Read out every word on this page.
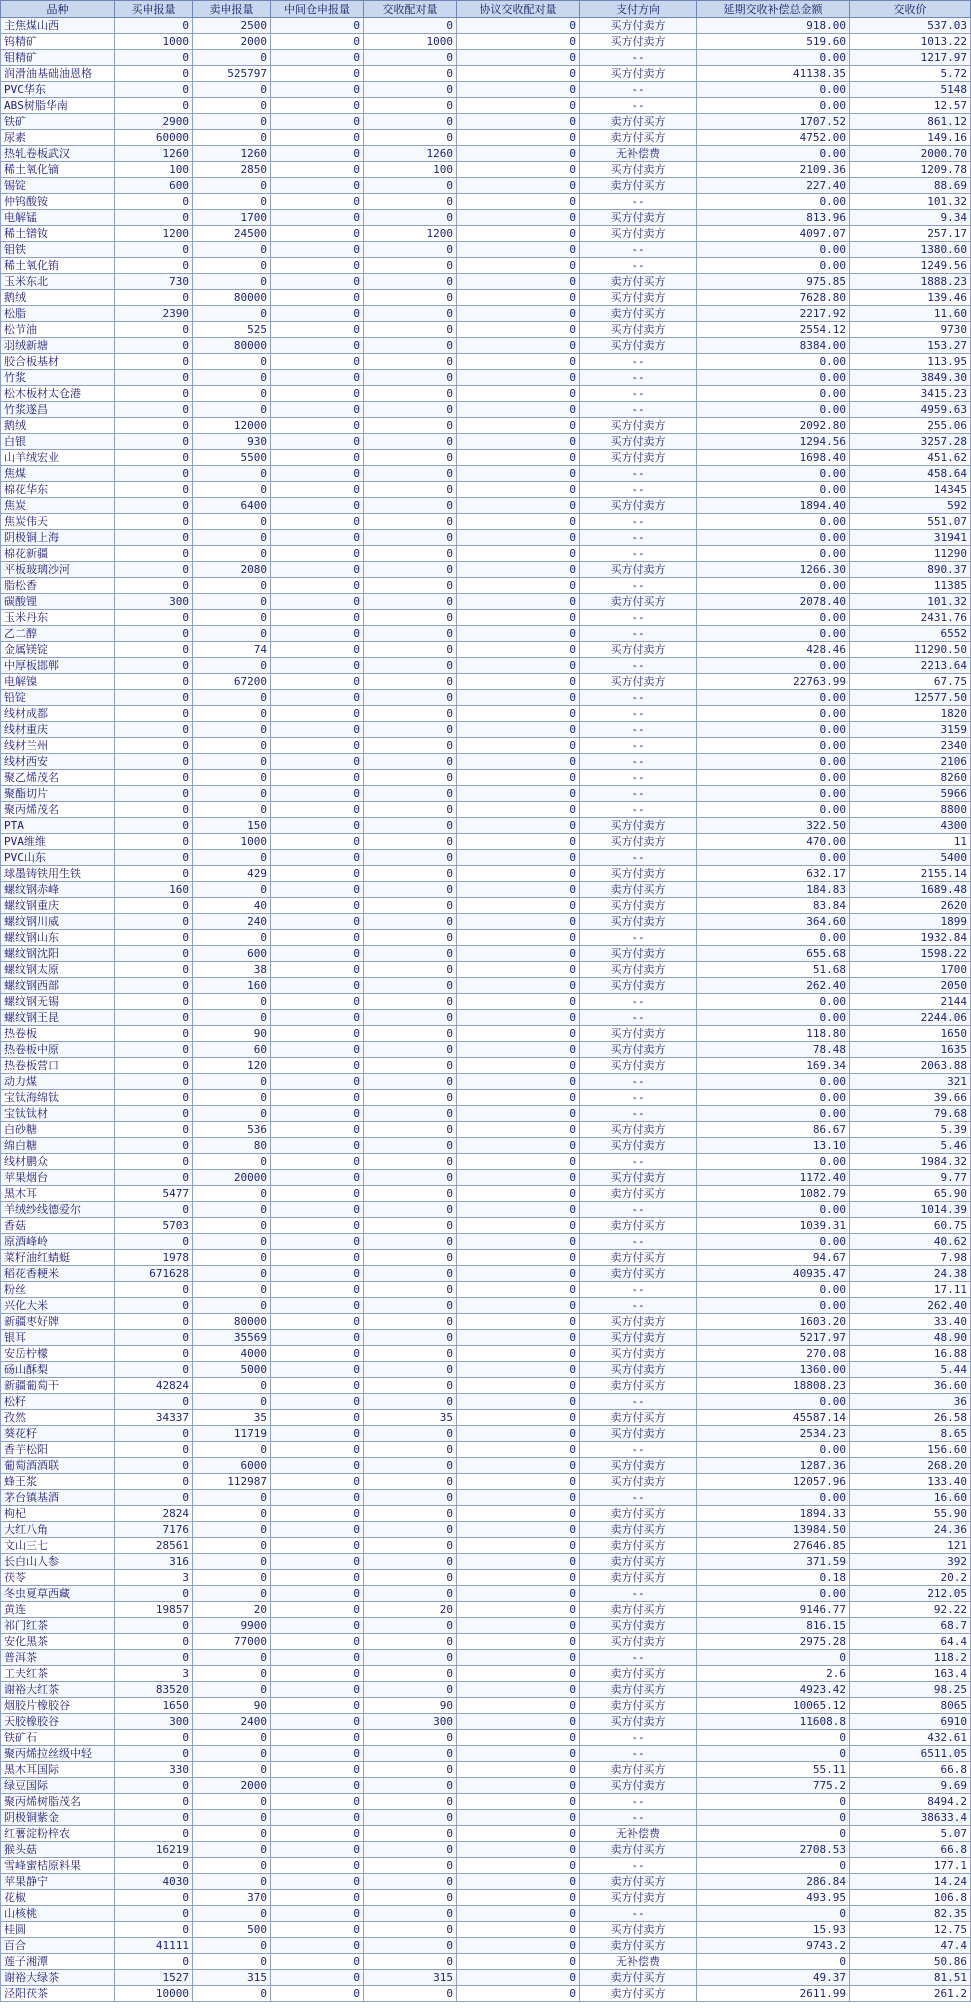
品种	买申报量	卖申报量	中间仓申报量	交收配对量	协议交收配对量	支付方向	延期交收补偿总金额	交收价
主焦煤山西	0	2500	0	0	0	买方付卖方	918.00	537.03
钨精矿	1000	2000	0	1000	0	买方付卖方	519.60	1013.22
钼精矿	0	0	0	0	0	--	0.00	1217.97
润滑油基础油恩格	0	525797	0	0	0	买方付卖方	41138.35	5.72
PVC华东	0	0	0	0	0	--	0.00	5148
ABS树脂华南	0	0	0	0	0	--	0.00	12.57
铁矿	2900	0	0	0	0	卖方付买方	1707.52	861.12
尿素	60000	0	0	0	0	卖方付买方	4752.00	149.16
热轧卷板武汉	1260	1260	0	1260	0	无补偿费	0.00	2000.70
稀土氧化镝	100	2850	0	100	0	买方付卖方	2109.36	1209.78
锡锭	600	0	0	0	0	卖方付买方	227.40	88.69
仲钨酸铵	0	0	0	0	0	--	0.00	101.32
电解锰	0	1700	0	0	0	买方付卖方	813.96	9.34
稀土镨钕	1200	24500	0	1200	0	买方付卖方	4097.07	257.17
钼铁	0	0	0	0	0	--	0.00	1380.60
稀土氧化铕	0	0	0	0	0	--	0.00	1249.56
玉米东北	730	0	0	0	0	卖方付买方	975.85	1888.23
鹅绒	0	80000	0	0	0	买方付卖方	7628.80	139.46
松脂	2390	0	0	0	0	卖方付买方	2217.92	11.60
松节油	0	525	0	0	0	买方付卖方	2554.12	9730
羽绒新塘	0	80000	0	0	0	买方付卖方	8384.00	153.27
胶合板基材	0	0	0	0	0	--	0.00	113.95
竹浆	0	0	0	0	0	--	0.00	3849.30
松木板材太仓港	0	0	0	0	0	--	0.00	3415.23
竹浆遂昌	0	0	0	0	0	--	0.00	4959.63
鹅绒	0	12000	0	0	0	买方付卖方	2092.80	255.06
白银	0	930	0	0	0	买方付卖方	1294.56	3257.28
山羊绒宏业	0	5500	0	0	0	买方付卖方	1698.40	451.62
焦煤	0	0	0	0	0	--	0.00	458.64
棉花华东	0	0	0	0	0	--	0.00	14345
焦炭	0	6400	0	0	0	买方付卖方	1894.40	592
焦炭伟天	0	0	0	0	0	--	0.00	551.07
阴极铜上海	0	0	0	0	0	--	0.00	31941
棉花新疆	0	0	0	0	0	--	0.00	11290
平板玻璃沙河	0	2080	0	0	0	买方付卖方	1266.30	890.37
脂松香	0	0	0	0	0	--	0.00	11385
碳酸锂	300	0	0	0	0	卖方付买方	2078.40	101.32
玉米丹东	0	0	0	0	0	--	0.00	2431.76
乙二醇	0	0	0	0	0	--	0.00	6552
金属镁锭	0	74	0	0	0	买方付卖方	428.46	11290.50
中厚板邯郸	0	0	0	0	0	--	0.00	2213.64
电解镍	0	67200	0	0	0	买方付卖方	22763.99	67.75
铅锭	0	0	0	0	0	--	0.00	12577.50
线材成都	0	0	0	0	0	--	0.00	1820
线材重庆	0	0	0	0	0	--	0.00	3159
线材兰州	0	0	0	0	0	--	0.00	2340
线材西安	0	0	0	0	0	--	0.00	2106
聚乙烯茂名	0	0	0	0	0	--	0.00	8260
聚酯切片	0	0	0	0	0	--	0.00	5966
聚丙烯茂名	0	0	0	0	0	--	0.00	8800
PTA	0	150	0	0	0	买方付卖方	322.50	4300
PVA维维	0	1000	0	0	0	买方付卖方	470.00	11
PVC山东	0	0	0	0	0	--	0.00	5400
球墨铸铁用生铁	0	429	0	0	0	买方付卖方	632.17	2155.14
螺纹钢赤峰	160	0	0	0	0	卖方付买方	184.83	1689.48
螺纹钢重庆	0	40	0	0	0	买方付卖方	83.84	2620
螺纹钢川威	0	240	0	0	0	买方付卖方	364.60	1899
螺纹钢山东	0	0	0	0	0	--	0.00	1932.84
螺纹钢沈阳	0	600	0	0	0	买方付卖方	655.68	1598.22
螺纹钢太原	0	38	0	0	0	买方付卖方	51.68	1700
螺纹钢西部	0	160	0	0	0	买方付卖方	262.40	2050
螺纹钢无锡	0	0	0	0	0	--	0.00	2144
螺纹钢王昆	0	0	0	0	0	--	0.00	2244.06
热卷板	0	90	0	0	0	买方付卖方	118.80	1650
热卷板中原	0	60	0	0	0	买方付卖方	78.48	1635
热卷板营口	0	120	0	0	0	买方付卖方	169.34	2063.88
动力煤	0	0	0	0	0	--	0.00	321
宝钛海绵钛	0	0	0	0	0	--	0.00	39.66
宝钛钛材	0	0	0	0	0	--	0.00	79.68
白砂糖	0	536	0	0	0	买方付卖方	86.67	5.39
绵白糖	0	80	0	0	0	买方付卖方	13.10	5.46
线材鹏众	0	0	0	0	0	--	0.00	1984.32
苹果烟台	0	20000	0	0	0	买方付卖方	1172.40	9.77
黑木耳	5477	0	0	0	0	卖方付买方	1082.79	65.90
羊绒纱线德爱尔	0	0	0	0	0	--	0.00	1014.39
香菇	5703	0	0	0	0	卖方付买方	1039.31	60.75
原酒峰岭	0	0	0	0	0	--	0.00	40.62
菜籽油红蜻蜓	1978	0	0	0	0	卖方付买方	94.67	7.98
稻花香粳米	671628	0	0	0	0	卖方付买方	40935.47	24.38
粉丝	0	0	0	0	0	--	0.00	17.11
兴化大米	0	0	0	0	0	--	0.00	262.40
新疆枣好牌	0	80000	0	0	0	买方付卖方	1603.20	33.40
银耳	0	35569	0	0	0	买方付卖方	5217.97	48.90
安岳柠檬	0	4000	0	0	0	买方付卖方	270.08	16.88
砀山酥梨	0	5000	0	0	0	买方付卖方	1360.00	5.44
新疆葡萄干	42824	0	0	0	0	卖方付买方	18808.23	36.60
松籽	0	0	0	0	0	--	0.00	36
孜然	34337	35	0	35	0	卖方付买方	45587.14	26.58
葵花籽	0	11719	0	0	0	买方付卖方	2534.23	8.65
香芋松阳	0	0	0	0	0	--	0.00	156.60
葡萄酒酒联	0	6000	0	0	0	买方付卖方	1287.36	268.20
蜂王浆	0	112987	0	0	0	买方付卖方	12057.96	133.40
茅台镇基酒	0	0	0	0	0	--	0.00	16.60
枸杞	2824	0	0	0	0	卖方付买方	1894.33	55.90
大红八角	7176	0	0	0	0	卖方付买方	13984.50	24.36
文山三七	28561	0	0	0	0	卖方付买方	27646.85	121
长白山人参	316	0	0	0	0	卖方付买方	371.59	392
茯苓	3	0	0	0	0	卖方付买方	0.18	20.2
冬虫夏草西藏	0	0	0	0	0	--	0.00	212.05
黄连	19857	20	0	20	0	卖方付买方	9146.77	92.22
祁门红茶	0	9900	0	0	0	买方付卖方	816.15	68.7
安化黑茶	0	77000	0	0	0	买方付卖方	2975.28	64.4
普洱茶	0	0	0	0	0	--	0	118.2
工夫红茶	3	0	0	0	0	卖方付买方	2.6	163.4
谢裕大红茶	83520	0	0	0	0	卖方付买方	4923.42	98.25
烟胶片橡胶谷	1650	90	0	90	0	卖方付买方	10065.12	8065
天胶橡胶谷	300	2400	0	300	0	买方付卖方	11608.8	6910
铁矿石	0	0	0	0	0	--	0	432.61
聚丙烯拉丝级中轻	0	0	0	0	0	--	0	6511.05
黑木耳国际	330	0	0	0	0	卖方付买方	55.11	66.8
绿豆国际	0	2000	0	0	0	买方付卖方	775.2	9.69
聚丙烯树脂茂名	0	0	0	0	0	--	0	8494.2
阴极铜紫金	0	0	0	0	0	--	0	38633.4
红薯淀粉梓农	0	0	0	0	0	无补偿费	0	5.07
猴头菇	16219	0	0	0	0	卖方付买方	2708.53	66.8
雪峰蜜桔原料果	0	0	0	0	0	--	0	177.1
苹果静宁	4030	0	0	0	0	卖方付买方	286.84	14.24
花椒	0	370	0	0	0	买方付卖方	493.95	106.8
山核桃	0	0	0	0	0	--	0	82.35
桂圆	0	500	0	0	0	买方付卖方	15.93	12.75
百合	41111	0	0	0	0	卖方付买方	9743.2	47.4
莲子湘潭	0	0	0	0	0	无补偿费	0	50.86
谢裕大绿茶	1527	315	0	315	0	卖方付买方	49.37	81.51
泾阳茯茶	10000	0	0	0	0	卖方付买方	2611.99	261.2
